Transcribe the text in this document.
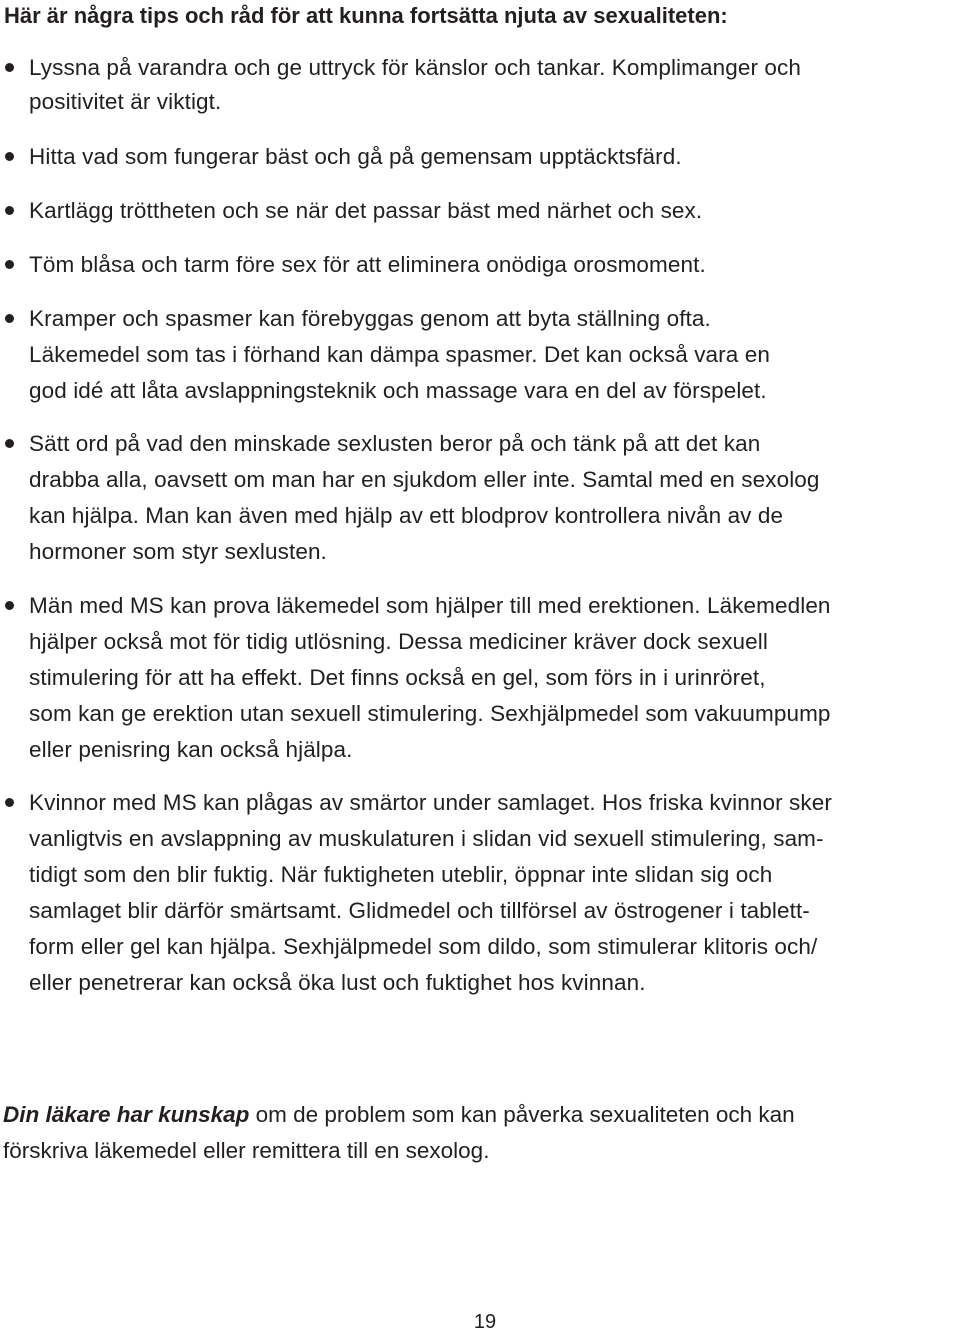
Här är några tips och råd för att kunna fortsätta njuta av sexualiteten:
Lyssna på varandra och ge uttryck för känslor och tankar. Komplimanger och
positivitet är viktigt.
Hitta vad som fungerar bäst och gå på gemensam upptäcktsfärd.
Kartlägg tröttheten och se när det passar bäst med närhet och sex.
Töm blåsa och tarm före sex för att eliminera onödiga orosmoment.
Kramper och spasmer kan förebyggas genom att byta ställning ofta.
Läkemedel som tas i förhand kan dämpa spasmer. Det kan också vara en
god idé att låta avslappningsteknik och massage vara en del av förspelet.
Sätt ord på vad den minskade sexlusten beror på och tänk på att det kan
drabba alla, oavsett om man har en sjukdom eller inte. Samtal med en sexolog
kan hjälpa. Man kan även med hjälp av ett blodprov kontrollera nivån av de
hormoner som styr sexlusten.
Män med MS kan prova läkemedel som hjälper till med erektionen. Läkemedlen
hjälper också mot för tidig utlösning. Dessa mediciner kräver dock sexuell
stimulering för att ha effekt. Det finns också en gel, som förs in i urinröret,
som kan ge erektion utan sexuell stimulering. Sexhjälpmedel som vakuumpump
eller penisring kan också hjälpa.
Kvinnor med MS kan plågas av smärtor under samlaget. Hos friska kvinnor sker
vanligtvis en avslappning av muskulaturen i slidan vid sexuell stimulering, sam-
tidigt som den blir fuktig. När fuktigheten uteblir, öppnar inte slidan sig och
samlaget blir därför smärtsamt. Glidmedel och tillförsel av östrogener i tablett-
form eller gel kan hjälpa. Sexhjälpmedel som dildo, som stimulerar klitoris och/
eller penetrerar kan också öka lust och fuktighet hos kvinnan.
Din läkare har kunskap om de problem som kan påverka sexualiteten och kan
förskriva läkemedel eller remittera till en sexolog.
19
